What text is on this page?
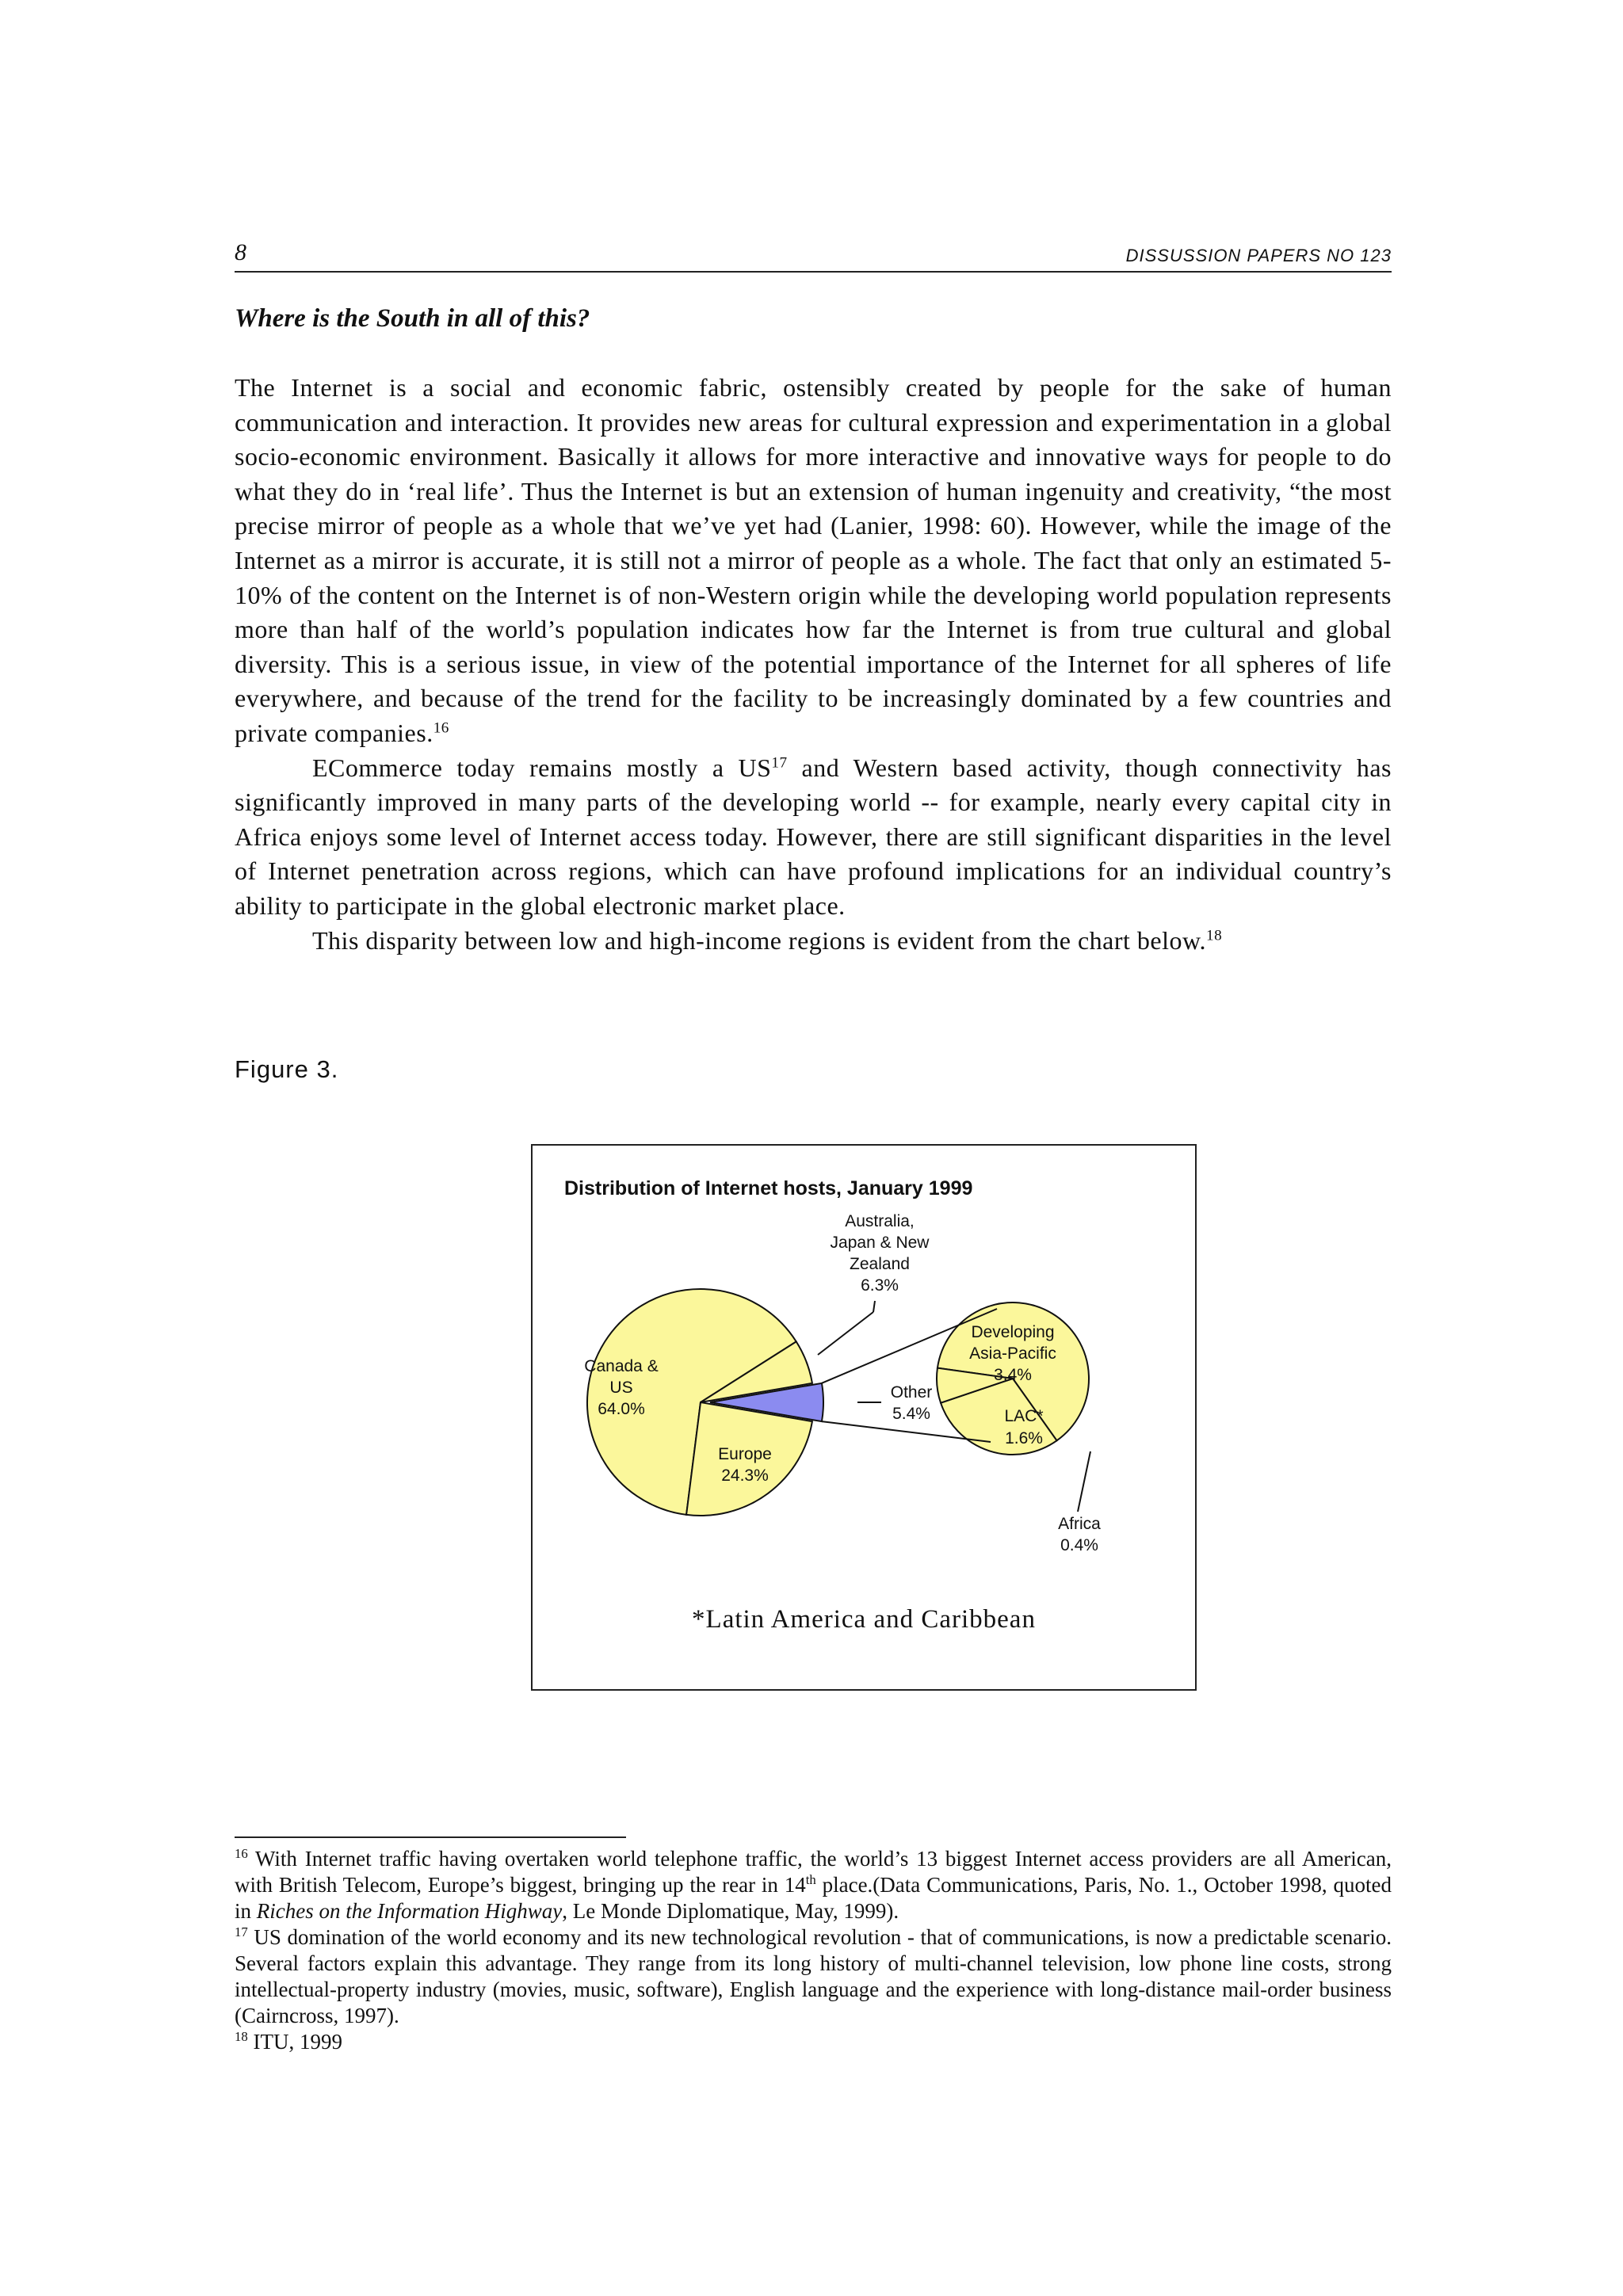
8	DISSUSSION PAPERS NO 123
Where is the South in all of this?

The Internet is a social and economic fabric, ostensibly created by people for the sake of human communication and interaction. It provides new areas for cultural expression and experimentation in a global socio-economic environment. Basically it allows for more interactive and innovative ways for people to do what they do in ‘real life’. Thus the Internet is but an extension of human ingenuity and creativity, “the most precise mirror of people as a whole that we’ve yet had (Lanier, 1998: 60). However, while the image of the Internet as a mirror is accurate, it is still not a mirror of people as a whole. The fact that only an estimated 5-10% of the content on the Internet is of non-Western origin while the developing world population represents more than half of the world’s population indicates how far the Internet is from true cultural and global diversity. This is a serious issue, in view of the potential importance of the Internet for all spheres of life everywhere, and because of the trend for the facility to be increasingly dominated by a few countries and private companies.$^{16}$

ECommerce today remains mostly a US$^{17}$ and Western based activity, though connectivity has significantly improved in many parts of the developing world -- for example, nearly every capital city in Africa enjoys some level of Internet access today. However, there are still significant disparities in the level of Internet penetration across regions, which can have profound implications for an individual country’s ability to participate in the global electronic market place.

This disparity between low and high-income regions is evident from the chart below.$^{18}$

Figure 3.

Distribution of Internet hosts, January 1999
Canada & US 64.0%
Europe 24.3%
Other 5.4%
Australia, Japan & New Zealand 6.3%
Developing Asia-Pacific 3.4%
LAC* 1.6%
Africa 0.4%
*Latin America and Caribbean

$^{16}$ With Internet traffic having overtaken world telephone traffic, the world’s 13 biggest Internet access providers are all American, with British Telecom, Europe’s biggest, bringing up the rear in 14th place.(Data Communications, Paris, No. 1., October 1998, quoted in Riches on the Information Highway, Le Monde Diplomatique, May, 1999).

$^{17}$ US domination of the world economy and its new technological revolution - that of communications, is now a predictable scenario. Several factors explain this advantage. They range from its long history of multi-channel television, low phone line costs, strong intellectual-property industry (movies, music, software), English language and the experience with long-distance mail-order business (Cairncross, 1997).

$^{18}$ ITU, 1999
